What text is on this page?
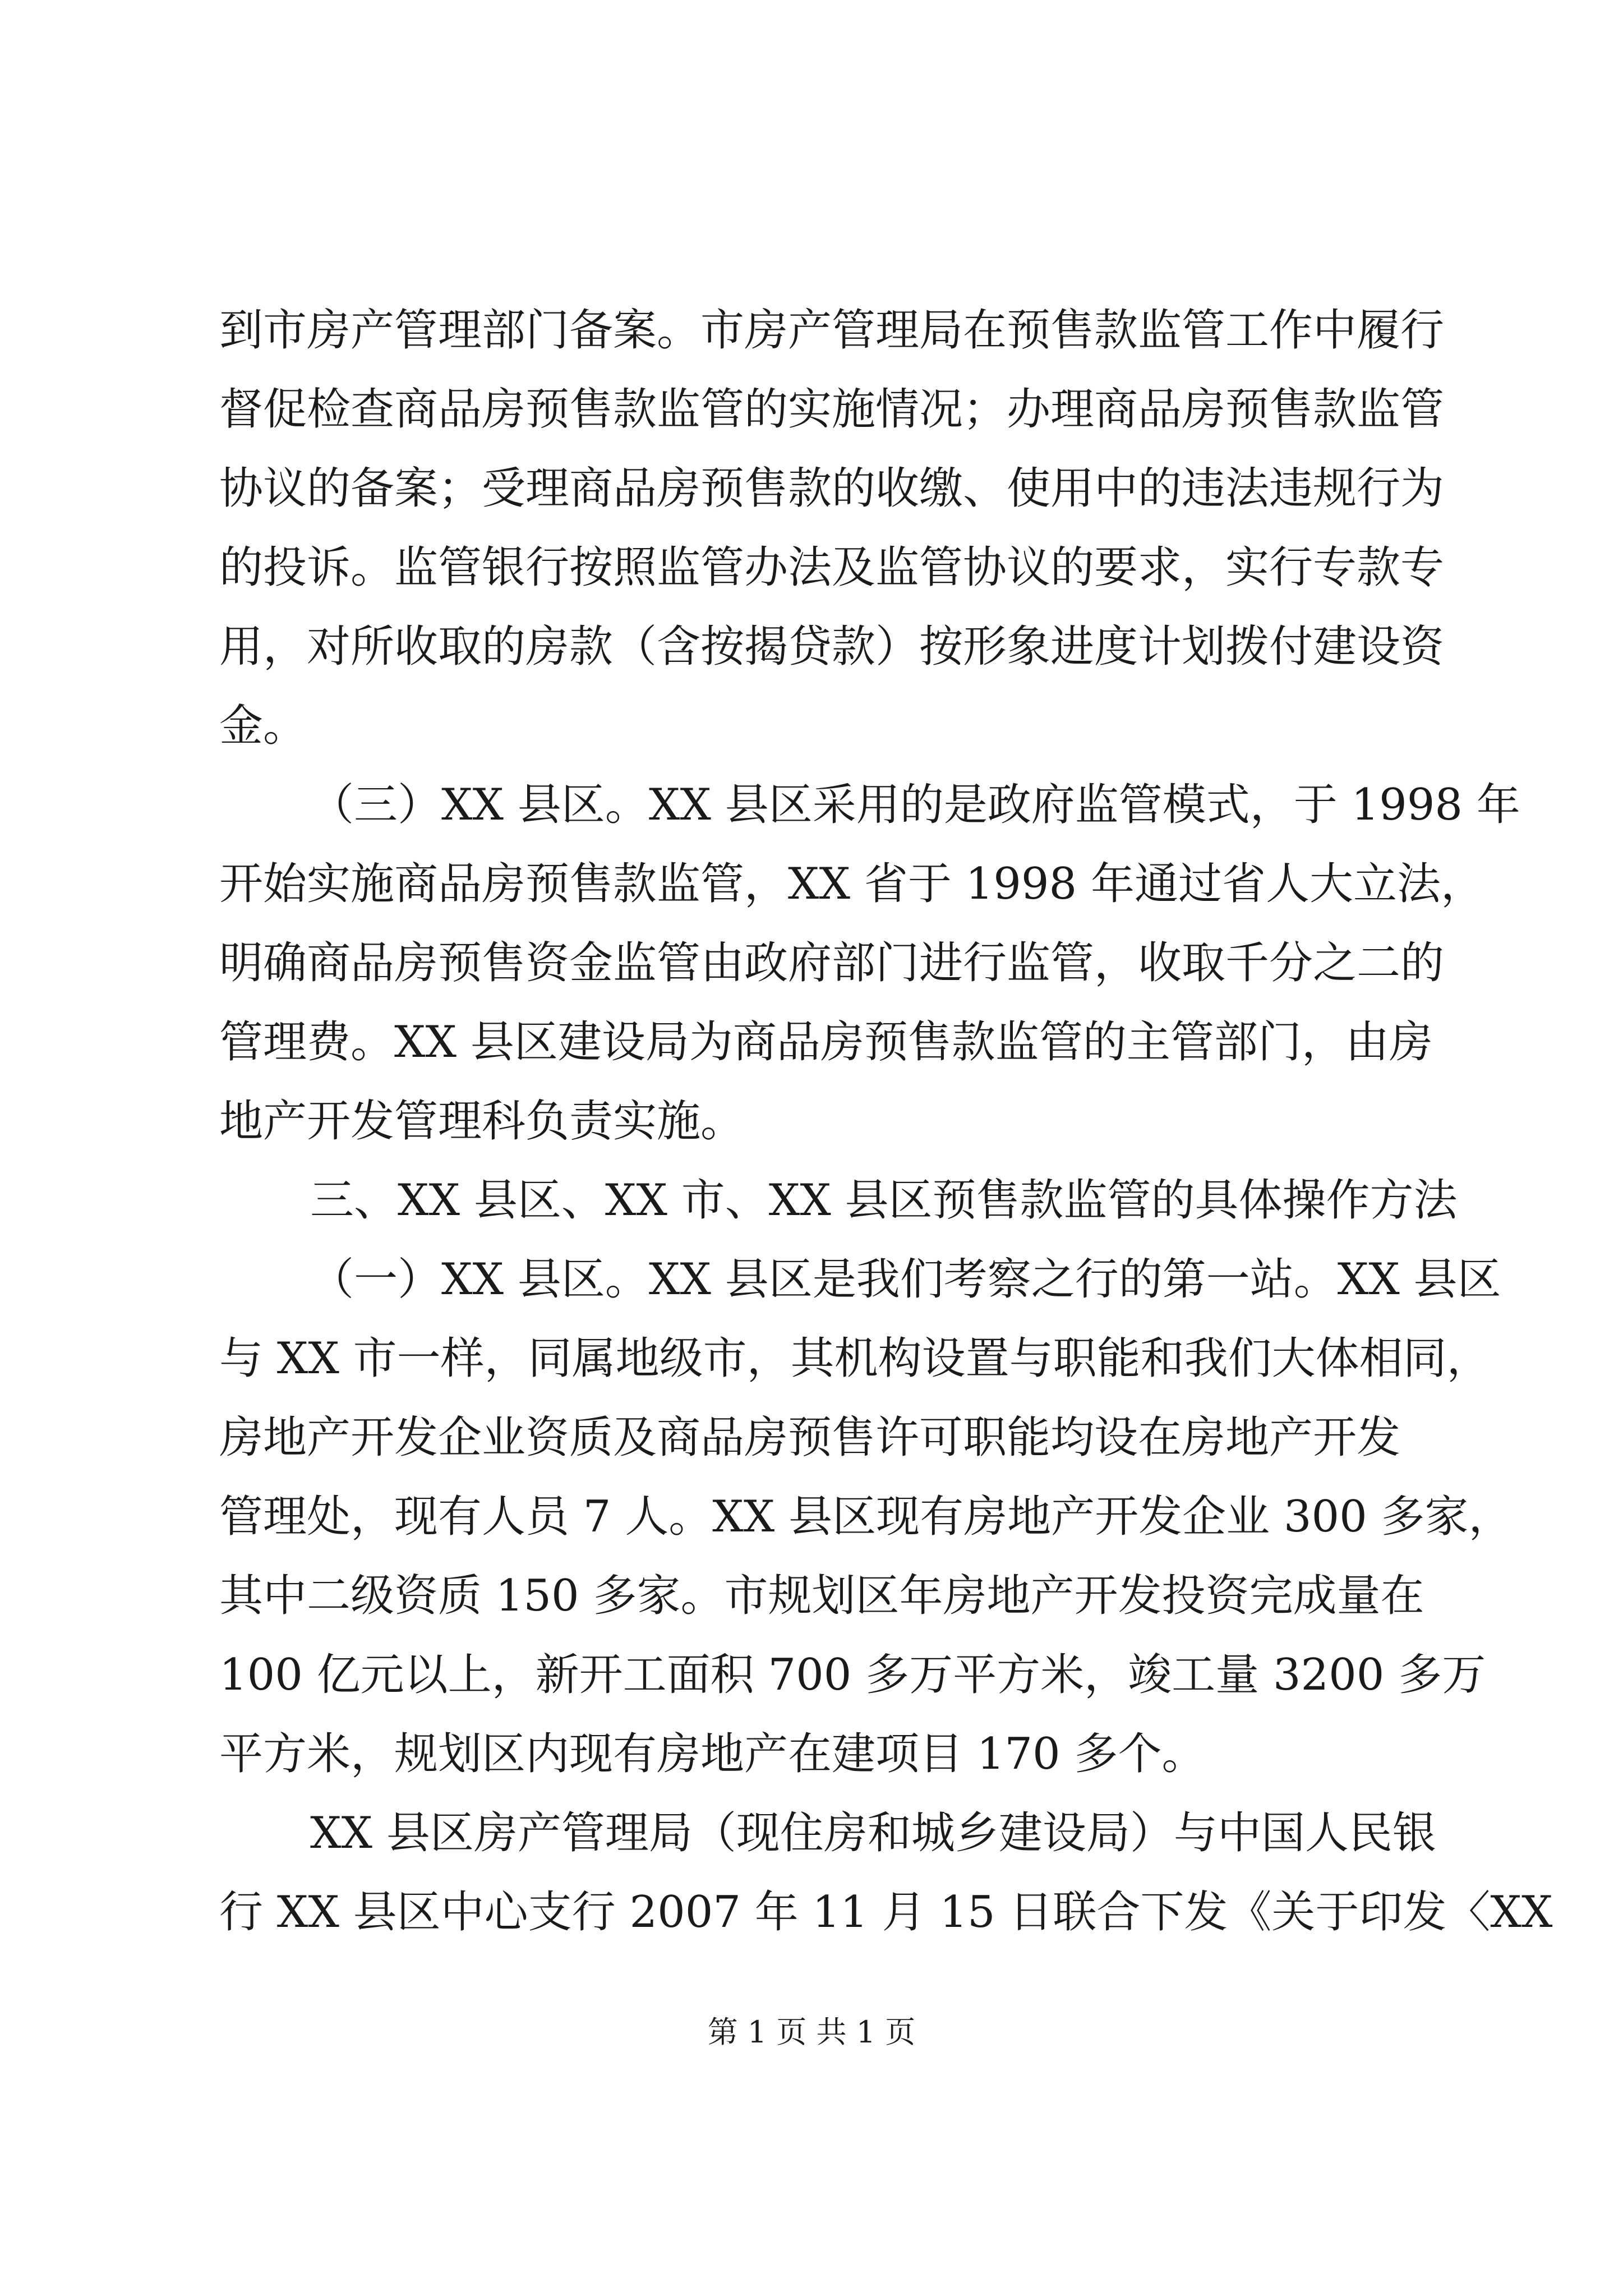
到市房产管理部门备案。市房产管理局在预售款监管工作中履行
督促检查商品房预售款监管的实施情况；办理商品房预售款监管
协议的备案；受理商品房预售款的收缴、使用中的违法违规行为
的投诉。监管银行按照监管办法及监管协议的要求，实行专款专
用，对所收取的房款（含按揭贷款）按形象进度计划拨付建设资
金。
（三）XX 县区。XX 县区采用的是政府监管模式，于 1998 年
开始实施商品房预售款监管，XX 省于 1998 年通过省人大立法，
明确商品房预售资金监管由政府部门进行监管，收取千分之二的
管理费。XX 县区建设局为商品房预售款监管的主管部门，由房
地产开发管理科负责实施。
三、XX 县区、XX 市、XX 县区预售款监管的具体操作方法
（一）XX 县区。XX 县区是我们考察之行的第一站。XX 县区
与 XX 市一样，同属地级市，其机构设置与职能和我们大体相同，
房地产开发企业资质及商品房预售许可职能均设在房地产开发
管理处，现有人员 7 人。XX 县区现有房地产开发企业 300 多家，
其中二级资质 150 多家。市规划区年房地产开发投资完成量在
100 亿元以上，新开工面积 700 多万平方米，竣工量 3200 多万
平方米，规划区内现有房地产在建项目 170 多个。
XX 县区房产管理局（现住房和城乡建设局）与中国人民银
行 XX 县区中心支行 2007 年 11 月 15 日联合下发《关于印发〈XX
第 1 页 共 1 页
